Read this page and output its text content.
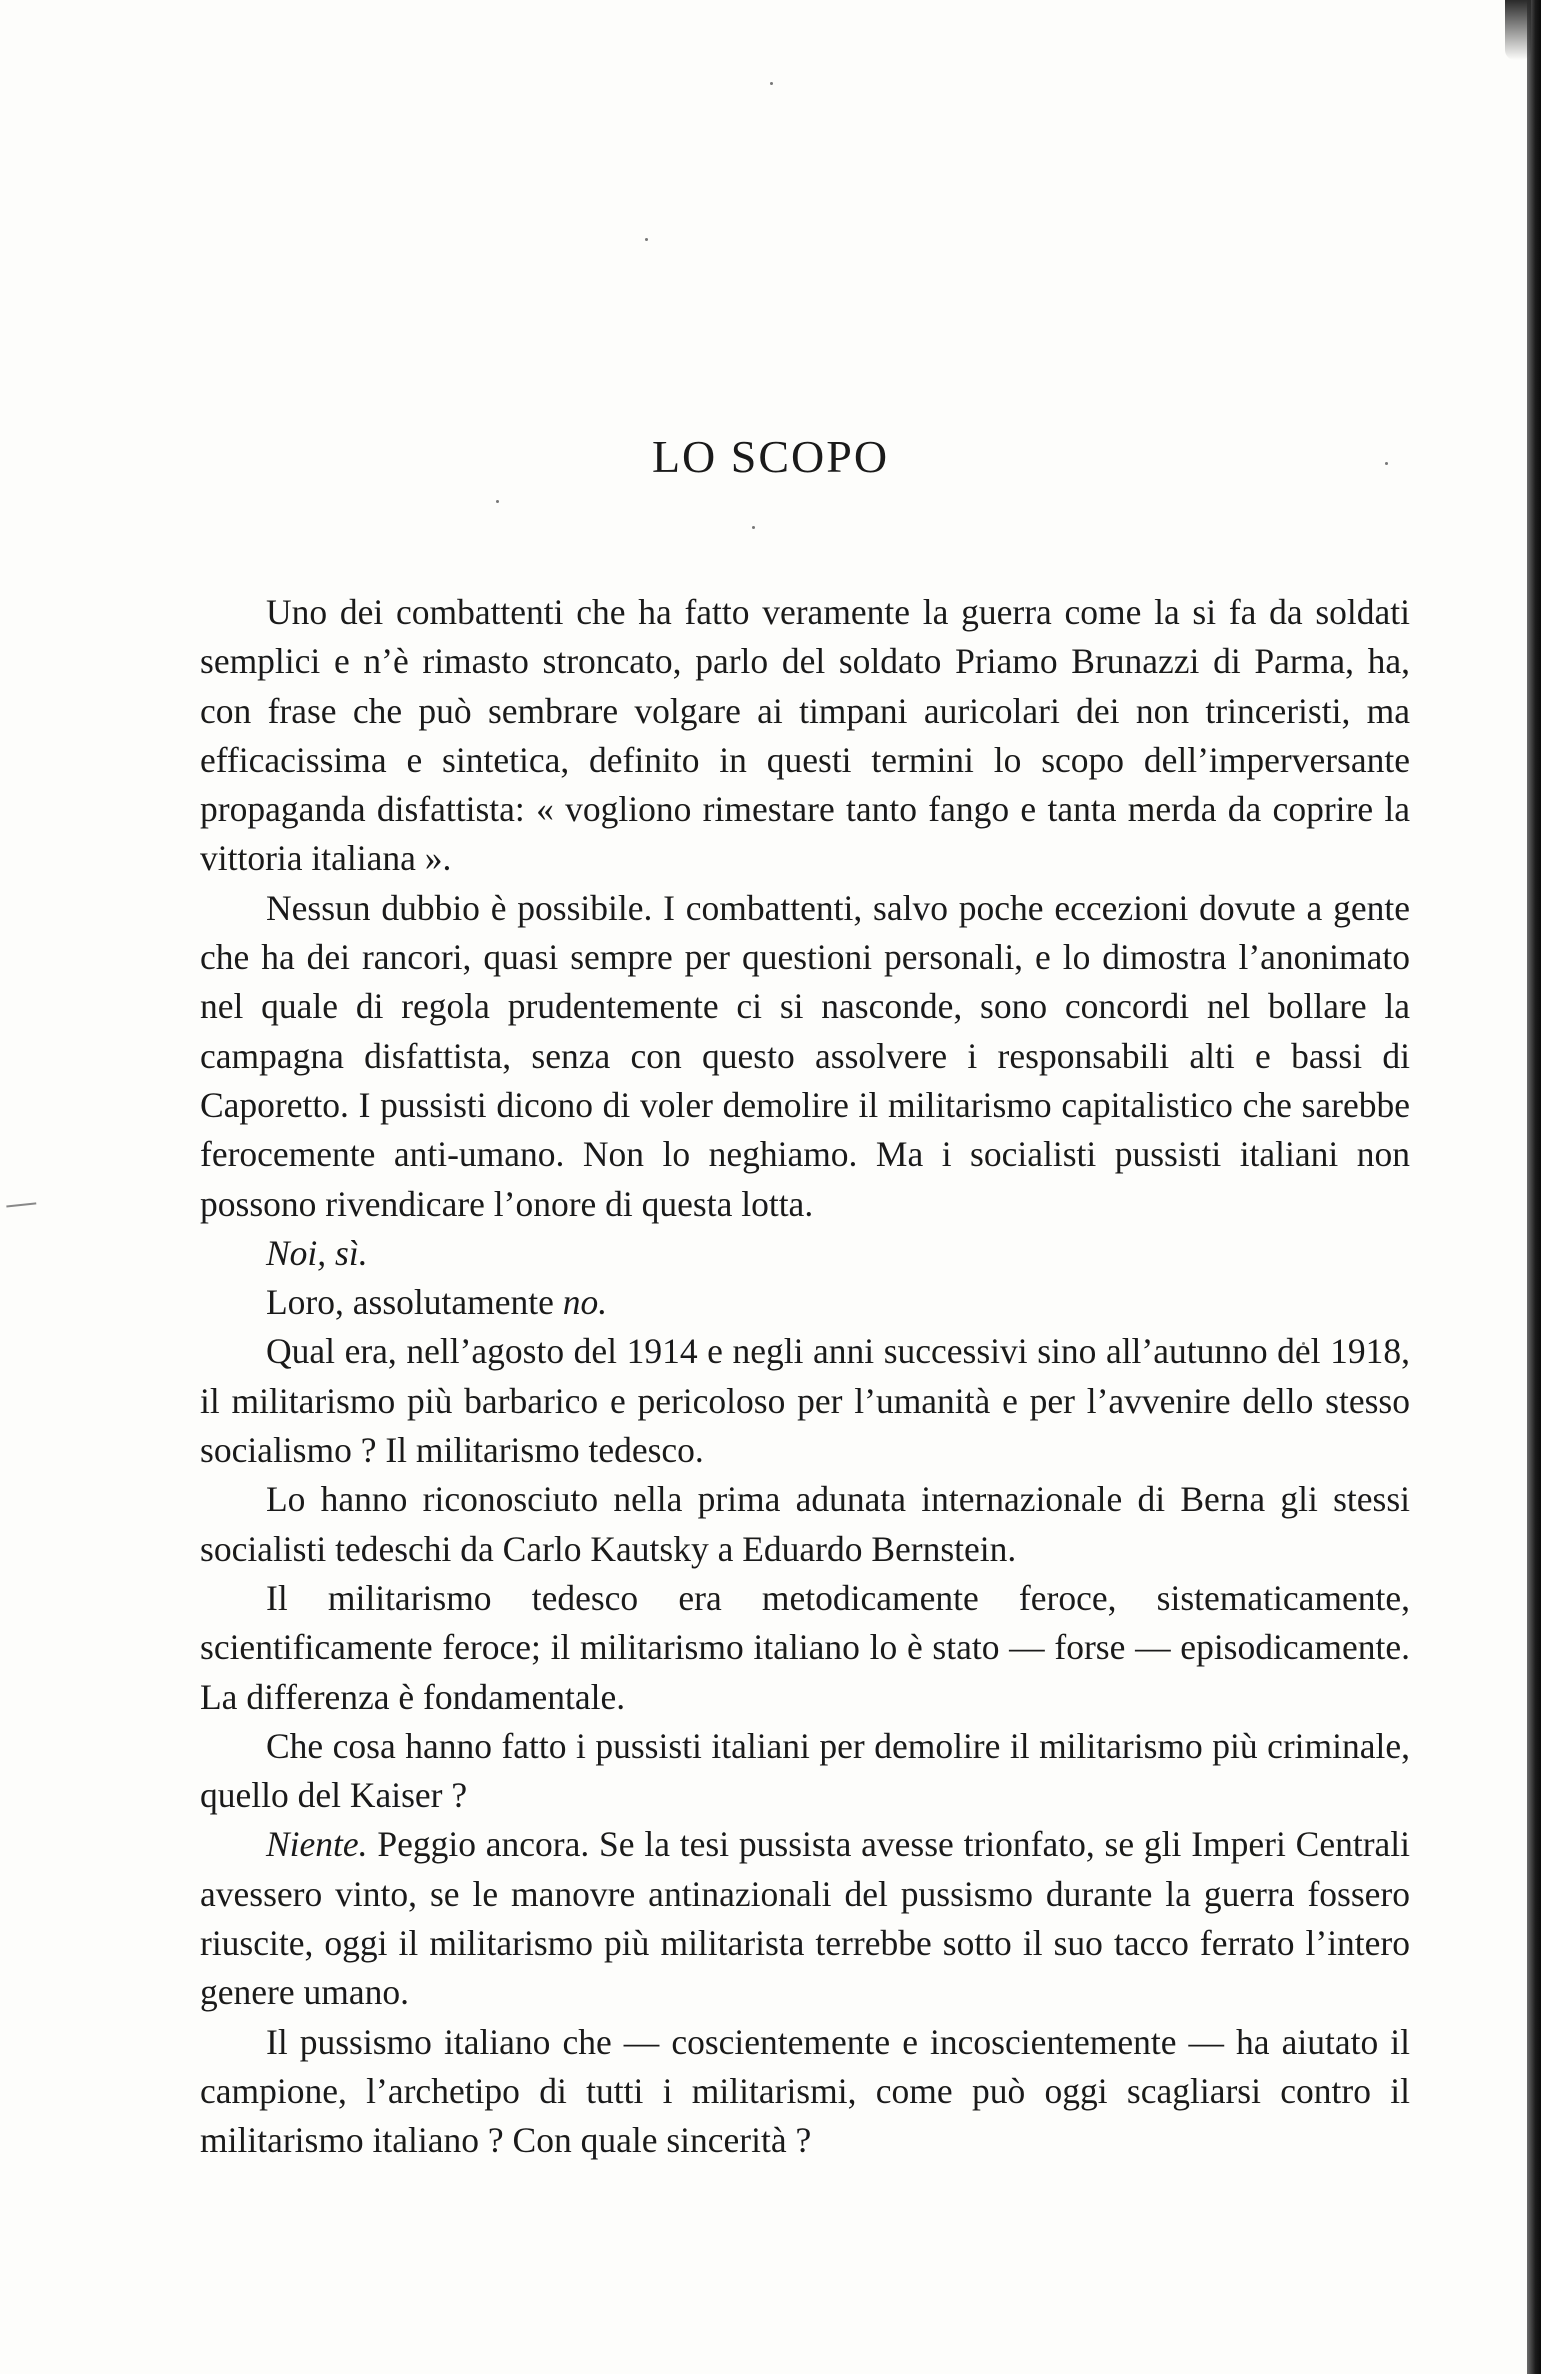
LO SCOPO

Uno dei combattenti che ha fatto veramente la guerra come la si fa da soldati semplici e n’è rimasto stroncato, parlo del soldato Priamo Brunazzi di Parma, ha, con frase che può sembrare volgare ai timpani auricolari dei non trinceristi, ma efficacissima e sintetica, definito in questi termini lo scopo dell’imperversante propaganda disfattista: « vogliono rimestare tanto fango e tanta merda da coprire la vittoria italiana ».

Nessun dubbio è possibile. I combattenti, salvo poche eccezioni dovute a gente che ha dei rancori, quasi sempre per questioni personali, e lo dimostra l’anonimato nel quale di regola prudentemente ci si nasconde, sono concordi nel bollare la campagna disfattista, senza con questo assolvere i responsabili alti e bassi di Caporetto. I pussisti dicono di voler demolire il militarismo capitalistico che sarebbe ferocemente anti-umano. Non lo neghiamo. Ma i socialisti pussisti italiani non possono rivendicare l’onore di questa lotta.

Noi, sì.

Loro, assolutamente no.

Qual era, nell’agosto del 1914 e negli anni successivi sino all’autunno del 1918, il militarismo più barbarico e pericoloso per l’umanità e per l’avvenire dello stesso socialismo ? Il militarismo tedesco.

Lo hanno riconosciuto nella prima adunata internazionale di Berna gli stessi socialisti tedeschi da Carlo Kautsky a Eduardo Bernstein.

Il militarismo tedesco era metodicamente feroce, sistematicamente, scientificamente feroce; il militarismo italiano lo è stato — forse — episodicamente. La differenza è fondamentale.

Che cosa hanno fatto i pussisti italiani per demolire il militarismo più criminale, quello del Kaiser ?

Niente. Peggio ancora. Se la tesi pussista avesse trionfato, se gli Imperi Centrali avessero vinto, se le manovre antinazionali del pussismo durante la guerra fossero riuscite, oggi il militarismo più militarista terrebbe sotto il suo tacco ferrato l’intero genere umano.

Il pussismo italiano che — coscientemente e incoscientemente — ha aiutato il campione, l’archetipo di tutti i militarismi, come può oggi scagliarsi contro il militarismo italiano ? Con quale sincerità ?
